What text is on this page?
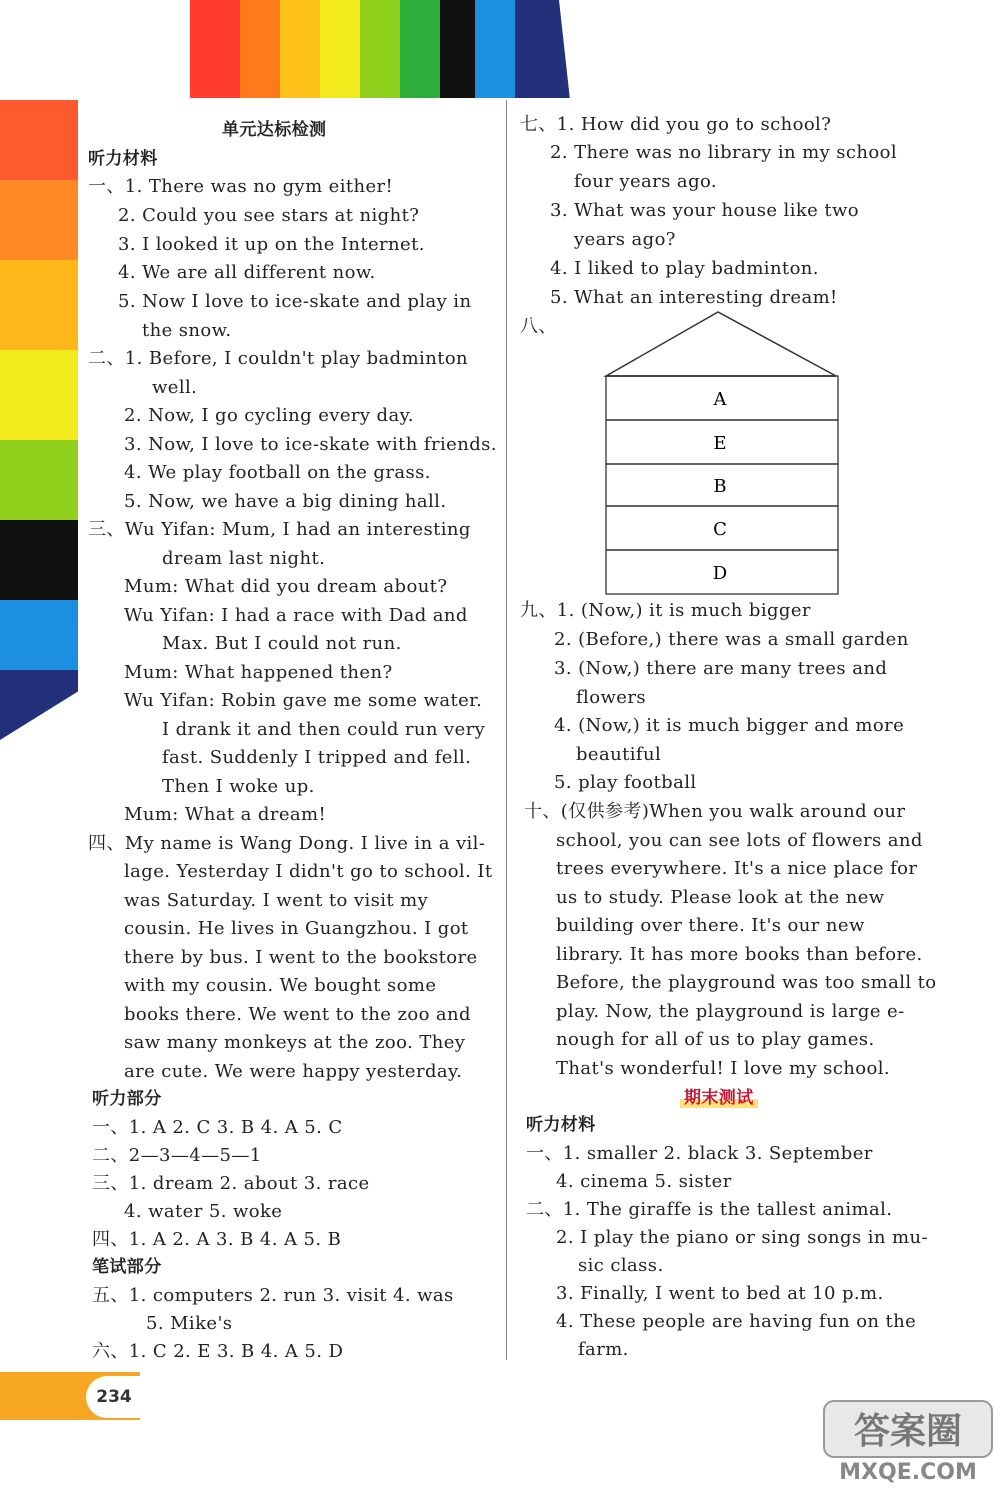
单元达标检测
听力材料
一、1. There was no gym either!
2. Could you see stars at night?
3. I looked it up on the Internet.
4. We are all different now.
5. Now I love to ice-skate and play in
the snow.
二、1. Before, I couldn't play badminton
well.
2. Now, I go cycling every day.
3. Now, I love to ice-skate with friends.
4. We play football on the grass.
5. Now, we have a big dining hall.
三、Wu Yifan: Mum, I had an interesting
dream last night.
Mum: What did you dream about?
Wu Yifan: I had a race with Dad and
Max. But I could not run.
Mum: What happened then?
Wu Yifan: Robin gave me some water.
I drank it and then could run very
fast. Suddenly I tripped and fell.
Then I woke up.
Mum: What a dream!
四、My name is Wang Dong. I live in a vil-
lage. Yesterday I didn't go to school. It
was Saturday. I went to visit my
cousin. He lives in Guangzhou. I got
there by bus. I went to the bookstore
with my cousin. We bought some
books there. We went to the zoo and
saw many monkeys at the zoo. They
are cute. We were happy yesterday.
听力部分
一、1. A 2. C 3. B 4. A 5. C
二、2—3—4—5—1
三、1. dream 2. about 3. race
4. water 5. woke
四、1. A 2. A 3. B 4. A 5. B
笔试部分
五、1. computers 2. run 3. visit 4. was
5. Mike's
六、1. C 2. E 3. B 4. A 5. D
七、1. How did you go to school?
2. There was no library in my school
four years ago.
3. What was your house like two
years ago?
4. I liked to play badminton.
5. What an interesting dream!
八、
九、1. (Now,) it is much bigger
2. (Before,) there was a small garden
3. (Now,) there are many trees and
flowers
4. (Now,) it is much bigger and more
beautiful
5. play football
十、(仅供参考)When you walk around our
school, you can see lots of flowers and
trees everywhere. It's a nice place for
us to study. Please look at the new
building over there. It's our new
library. It has more books than before.
Before, the playground was too small to
play. Now, the playground is large e-
nough for all of us to play games.
That's wonderful! I love my school.
听力材料
一、1. smaller 2. black 3. September
4. cinema 5. sister
二、1. The giraffe is the tallest animal.
2. I play the piano or sing songs in mu-
sic class.
3. Finally, I went to bed at 10 p.m.
4. These people are having fun on the
farm.
A
E
B
C
D
期末测试
234
答案圈
MXQE.COM
